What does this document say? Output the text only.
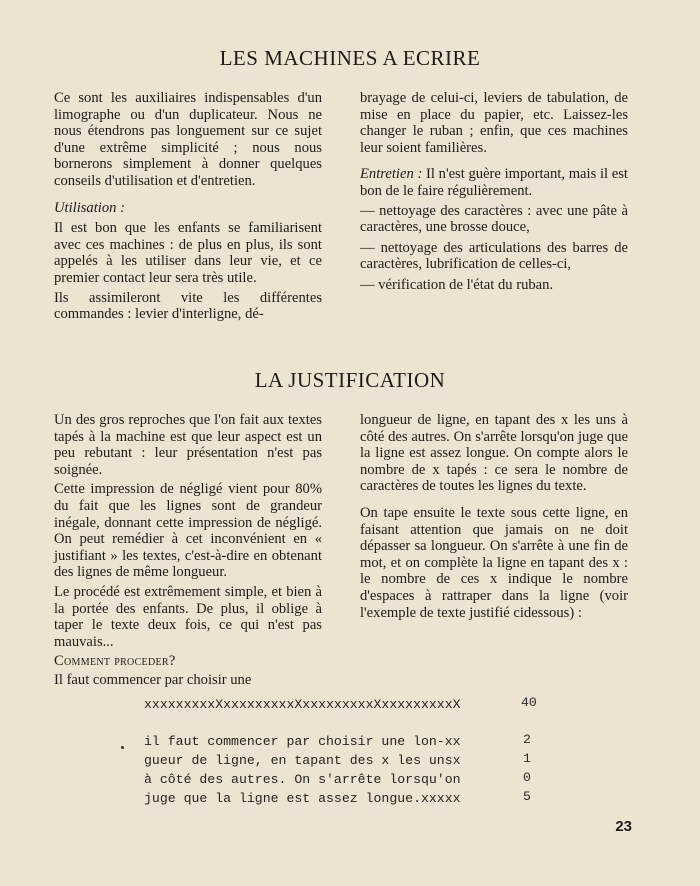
LES MACHINES A ECRIRE

Ce sont les auxiliaires indispensables d'un limographe ou d'un duplicateur. Nous ne nous étendrons pas longuement sur ce sujet d'une extrême simplicité ; nous nous bornerons simplement à donner quelques conseils d'utilisation et d'entretien.

Utilisation :

Il est bon que les enfants se familiarisent avec ces machines : de plus en plus, ils sont appelés à les utiliser dans leur vie, et ce premier contact leur sera très utile.

Ils assimileront vite les différentes commandes : levier d'interligne, dé-

brayage de celui-ci, leviers de tabulation, de mise en place du papier, etc. Laissez-les changer le ruban ; enfin, que ces machines leur soient familières.

Entretien : Il n'est guère important, mais il est bon de le faire régulièrement.

— nettoyage des caractères : avec une pâte à caractères, une brosse douce,

— nettoyage des articulations des barres de caractères, lubrification de celles-ci,

— vérification de l'état du ruban.

LA JUSTIFICATION

Un des gros reproches que l'on fait aux textes tapés à la machine est que leur aspect est un peu rebutant : leur présentation n'est pas soignée.

Cette impression de négligé vient pour 80% du fait que les lignes sont de grandeur inégale, donnant cette impression de négligé. On peut remédier à cet inconvénient en « justifiant » les textes, c'est-à-dire en obtenant des lignes de même longueur.

Le procédé est extrêmement simple, et bien à la portée des enfants. De plus, il oblige à taper le texte deux fois, ce qui n'est pas mauvais...

Comment proceder?

Il faut commencer par choisir une

longueur de ligne, en tapant des x les uns à côté des autres. On s'arrête lorsqu'on juge que la ligne est assez longue. On compte alors le nombre de x tapés : ce sera le nombre de caractères de toutes les lignes du texte.

On tape ensuite le texte sous cette ligne, en faisant attention que jamais on ne doit dépasser sa longueur. On s'arrête à une fin de mot, et on complète la ligne en tapant des x : le nombre de ces x indique le nombre d'espaces à rattraper dans la ligne (voir l'exemple de texte justifié cidessous) :

xxxxxxxxxXxxxxxxxxxXxxxxxxxxxXxxxxxxxxxX	40
il faut commencer par choisir une lon-xx	2
gueur de ligne, en tapant des x les unsx	1
à côté des autres. On s'arrête lorsqu'on	0
juge que la ligne est assez longue.xxxxx	5
23
